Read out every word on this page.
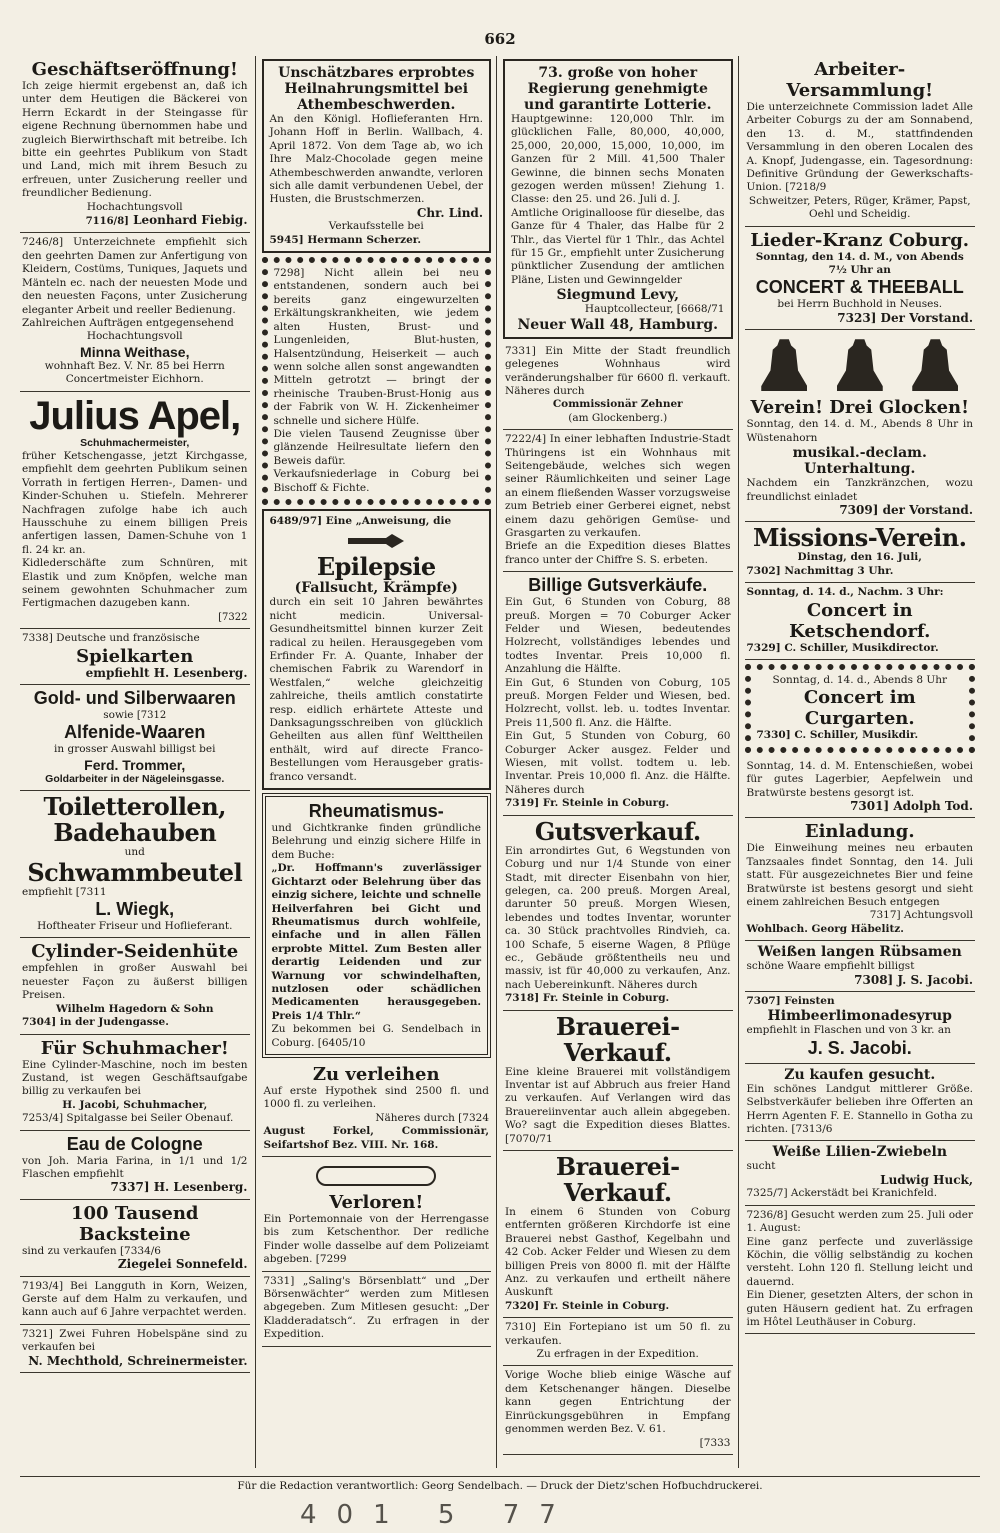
662
Geschäftseröffnung!
Ich zeige hiermit ergebenst an, daß ich unter dem Heutigen die Bäckerei von Herrn Eckardt in der Steingasse für eigene Rechnung übernommen habe und zugleich Bierwirthschaft mit betreibe. Ich bitte ein geehrtes Publikum von Stadt und Land, mich mit ihrem Besuch zu erfreuen, unter Zusicherung reeller und freundlicher Bedienung.
Hochachtungsvoll
7116/8] Leonhard Fiebig.
7246/8] Unterzeichnete empfiehlt sich den geehrten Damen zur Anfertigung von Kleidern, Costüms, Tuniques, Jaquets und Mänteln ec. nach der neuesten Mode und den neuesten Façons, unter Zusicherung eleganter Arbeit und reeller Bedienung.
Zahlreichen Aufträgen entgegensehend
Hochachtungsvoll
Minna Weithase,
wohnhaft Bez. V. Nr. 85 bei Herrn Concertmeister Eichhorn.
Julius Apel,
Schuhmachermeister,
früher Ketschengasse, jetzt Kirchgasse, empfiehlt dem geehrten Publikum seinen Vorrath in fertigen Herren-, Damen- und Kinder-Schuhen u. Stiefeln. Mehrerer Nachfragen zufolge habe ich auch Hausschuhe zu einem billigen Preis anfertigen lassen, Damen-Schuhe von 1 fl. 24 kr. an.
Kidlederschäfte zum Schnüren, mit Elastik und zum Knöpfen, welche man seinem gewohnten Schuhmacher zum Fertigmachen dazugeben kann.
[7322
7338] Deutsche und französische
Spielkarten
empfiehlt H. Lesenberg.
Gold- und Silberwaaren
sowie [7312
Alfenide-Waaren
in grosser Auswahl billigst bei
Ferd. Trommer,
Goldarbeiter in der Nägeleinsgasse.
Toiletterollen,
Badehauben
und
Schwammbeutel
empfiehlt [7311
L. Wiegk,
Hoftheater Friseur und Hoflieferant.
Cylinder-Seidenhüte
empfehlen in großer Auswahl bei neuester Façon zu äußerst billigen Preisen.
Wilhelm Hagedorn & Sohn
7304] in der Judengasse.
Für Schuhmacher!
Eine Cylinder-Maschine, noch im besten Zustand, ist wegen Geschäftsaufgabe billig zu verkaufen bei
H. Jacobi, Schuhmacher,
7253/4] Spitalgasse bei Seiler Obenauf.
Eau de Cologne
von Joh. Maria Farina, in 1/1 und 1/2 Flaschen empfiehlt
7337] H. Lesenberg.
100 Tausend Backsteine
sind zu verkaufen [7334/6
Ziegelei Sonnefeld.
7193/4] Bei Langguth in Korn, Weizen, Gerste auf dem Halm zu verkaufen, und kann auch auf 6 Jahre verpachtet werden.
7321] Zwei Fuhren Hobelspäne sind zu verkaufen bei
N. Mechthold, Schreinermeister.
Unschätzbares erprobtes Heilnahrungsmittel bei Athembeschwerden.
An den Königl. Hoflieferanten Hrn. Johann Hoff in Berlin. Wallbach, 4. April 1872. Von dem Tage ab, wo ich Ihre Malz-Chocolade gegen meine Athembeschwerden anwandte, verloren sich alle damit verbundenen Uebel, der Husten, die Brustschmerzen.
Chr. Lind.
Verkaufsstelle bei
5945] Hermann Scherzer.
7298] Nicht allein bei neu entstandenen, sondern auch bei bereits ganz eingewurzelten Erkältungskrankheiten, wie jedem alten Husten, Brust- und Lungenleiden, Blut-husten, Halsentzündung, Heiserkeit — auch wenn solche allen sonst angewandten Mitteln getrotzt — bringt der rheinische Trauben-Brust-Honig aus der Fabrik von W. H. Zickenheimer schnelle und sichere Hülfe.
Die vielen Tausend Zeugnisse über glänzende Heilresultate liefern den Beweis dafür.
Verkaufsniederlage in Coburg bei Bischoff & Fichte.
6489/97] Eine „Anweisung, die
Epilepsie
(Fallsucht, Krämpfe)
durch ein seit 10 Jahren bewährtes nicht medicin. Universal-Gesundheitsmittel binnen kurzer Zeit radical zu heilen. Herausgegeben vom Erfinder Fr. A. Quante, Inhaber der chemischen Fabrik zu Warendorf in Westfalen,“ welche gleichzeitig zahlreiche, theils amtlich constatirte resp. eidlich erhärtete Atteste und Danksagungsschreiben von glücklich Geheilten aus allen fünf Welttheilen enthält, wird auf directe Franco-Bestellungen vom Herausgeber gratis-franco versandt.
Rheumatismus-
und Gichtkranke finden gründliche Belehrung und einzig sichere Hilfe in dem Buche:
„Dr. Hoffmann's zuverlässiger Gichtarzt oder Belehrung über das einzig sichere, leichte und schnelle Heilverfahren bei Gicht und Rheumatismus durch wohlfeile, einfache und in allen Fällen erprobte Mittel. Zum Besten aller derartig Leidenden und zur Warnung vor schwindelhaften, nutzlosen oder schädlichen Medicamenten herausgegeben. Preis 1/4 Thlr.“
Zu bekommen bei G. Sendelbach in Coburg. [6405/10
Zu verleihen
Auf erste Hypothek sind 2500 fl. und 1000 fl. zu verleihen.
Näheres durch [7324
August Forkel, Commissionär, Seifartshof Bez. VIII. Nr. 168.
Verloren!
Ein Portemonnaie von der Herrengasse bis zum Ketschenthor. Der redliche Finder wolle dasselbe auf dem Polizeiamt abgeben. [7299
7331] „Saling's Börsenblatt“ und „Der Börsenwächter“ werden zum Mitlesen abgegeben. Zum Mitlesen gesucht: „Der Kladderadatsch“. Zu erfragen in der Expedition.
73. große von hoher Regierung genehmigte und garantirte Lotterie.
Hauptgewinne: 120,000 Thlr. im glücklichen Falle, 80,000, 40,000, 25,000, 20,000, 15,000, 10,000, im Ganzen für 2 Mill. 41,500 Thaler Gewinne, die binnen sechs Monaten gezogen werden müssen! Ziehung 1. Classe: den 25. und 26. Juli d. J.
Amtliche Originalloose für dieselbe, das Ganze für 4 Thaler, das Halbe für 2 Thlr., das Viertel für 1 Thlr., das Achtel für 15 Gr., empfiehlt unter Zusicherung pünktlicher Zusendung der amtlichen Pläne, Listen und Gewinngelder
Siegmund Levy,
Hauptcollecteur, [6668/71
Neuer Wall 48, Hamburg.
7331] Ein Mitte der Stadt freundlich gelegenes Wohnhaus wird veränderungshalber für 6600 fl. verkauft. Näheres durch
Commissionär Zehner
(am Glockenberg.)
7222/4] In einer lebhaften Industrie-Stadt Thüringens ist ein Wohnhaus mit Seitengebäude, welches sich wegen seiner Räumlichkeiten und seiner Lage an einem fließenden Wasser vorzugsweise zum Betrieb einer Gerberei eignet, nebst einem dazu gehörigen Gemüse- und Grasgarten zu verkaufen.
Briefe an die Expedition dieses Blattes franco unter der Chiffre S. S. erbeten.
Billige Gutsverkäufe.
Ein Gut, 6 Stunden von Coburg, 88 preuß. Morgen = 70 Coburger Acker Felder und Wiesen, bedeutendes Holzrecht, vollständiges lebendes und todtes Inventar. Preis 10,000 fl. Anzahlung die Hälfte.
Ein Gut, 6 Stunden von Coburg, 105 preuß. Morgen Felder und Wiesen, bed. Holzrecht, vollst. leb. u. todtes Inventar. Preis 11,500 fl. Anz. die Hälfte.
Ein Gut, 5 Stunden von Coburg, 60 Coburger Acker ausgez. Felder und Wiesen, mit vollst. todtem u. leb. Inventar. Preis 10,000 fl. Anz. die Hälfte. Näheres durch
7319] Fr. Steinle in Coburg.
Gutsverkauf.
Ein arrondirtes Gut, 6 Wegstunden von Coburg und nur 1/4 Stunde von einer Stadt, mit directer Eisenbahn von hier, gelegen, ca. 200 preuß. Morgen Areal, darunter 50 preuß. Morgen Wiesen, lebendes und todtes Inventar, worunter ca. 30 Stück prachtvolles Rindvieh, ca. 100 Schafe, 5 eiserne Wagen, 8 Pflüge ec., Gebäude größtentheils neu und massiv, ist für 40,000 zu verkaufen, Anz. nach Uebereinkunft. Näheres durch
7318] Fr. Steinle in Coburg.
Brauerei-Verkauf.
Eine kleine Brauerei mit vollständigem Inventar ist auf Abbruch aus freier Hand zu verkaufen. Auf Verlangen wird das Brauereiinventar auch allein abgegeben. Wo? sagt die Expedition dieses Blattes. [7070/71
Brauerei-Verkauf.
In einem 6 Stunden von Coburg entfernten größeren Kirchdorfe ist eine Brauerei nebst Gasthof, Kegelbahn und 42 Cob. Acker Felder und Wiesen zu dem billigen Preis von 8000 fl. mit der Hälfte Anz. zu verkaufen und ertheilt nähere Auskunft
7320] Fr. Steinle in Coburg.
7310] Ein Fortepiano ist um 50 fl. zu verkaufen.
Zu erfragen in der Expedition.
Vorige Woche blieb einige Wäsche auf dem Ketschenanger hängen. Dieselbe kann gegen Entrichtung der Einrückungsgebühren in Empfang genommen werden Bez. V. 61.
[7333
Arbeiter-Versammlung!
Die unterzeichnete Commission ladet Alle Arbeiter Coburgs zu der am Sonnabend, den 13. d. M., stattfindenden Versammlung in den oberen Localen des A. Knopf, Judengasse, ein. Tagesordnung: Definitive Gründung der Gewerkschafts-Union. [7218/9
Schweitzer, Peters, Rüger, Krämer, Papst, Oehl und Scheidig.
Lieder-Kranz Coburg.
Sonntag, den 14. d. M., von Abends 7½ Uhr an
CONCERT & THEEBALL
bei Herrn Buchhold in Neuses.
7323] Der Vorstand.
Verein! Drei Glocken!
Sonntag, den 14. d. M., Abends 8 Uhr in Wüstenahorn
musikal.-declam. Unterhaltung.
Nachdem ein Tanzkränzchen, wozu freundlichst einladet
7309] der Vorstand.
Missions-Verein.
Dinstag, den 16. Juli,
7302] Nachmittag 3 Uhr.
Sonntag, d. 14. d., Nachm. 3 Uhr:
Concert in Ketschendorf.
7329] C. Schiller, Musikdirector.
Sonntag, d. 14. d., Abends 8 Uhr
Concert im Curgarten.
7330] C. Schiller, Musikdir.
Sonntag, 14. d. M. Entenschießen, wobei für gutes Lagerbier, Aepfelwein und Bratwürste bestens gesorgt ist.
7301] Adolph Tod.
Einladung.
Die Einweihung meines neu erbauten Tanzsaales findet Sonntag, den 14. Juli statt. Für ausgezeichnetes Bier und feine Bratwürste ist bestens gesorgt und sieht einem zahlreichen Besuch entgegen
7317] Achtungsvoll
Wohlbach. Georg Häbelitz.
Weißen langen Rübsamen
schöne Waare empfiehlt billigst
7308] J. S. Jacobi.
7307] Feinsten
Himbeerlimonadesyrup
empfiehlt in Flaschen und von 3 kr. an
J. S. Jacobi.
Zu kaufen gesucht.
Ein schönes Landgut mittlerer Größe. Selbstverkäufer belieben ihre Offerten an Herrn Agenten F. E. Stannello in Gotha zu richten. [7313/6
Weiße Lilien-Zwiebeln
sucht
Ludwig Huck,
7325/7] Ackerstädt bei Kranichfeld.
7236/8] Gesucht werden zum 25. Juli oder 1. August:
Eine ganz perfecte und zuverlässige Köchin, die völlig selbständig zu kochen versteht. Lohn 120 fl. Stellung leicht und dauernd.
Ein Diener, gesetzten Alters, der schon in guten Häusern gedient hat. Zu erfragen im Hôtel Leuthäuser in Coburg.
Für die Redaction verantwortlich: Georg Sendelbach. — Druck der Dietz'schen Hofbuchdruckerei.
401 5 77
